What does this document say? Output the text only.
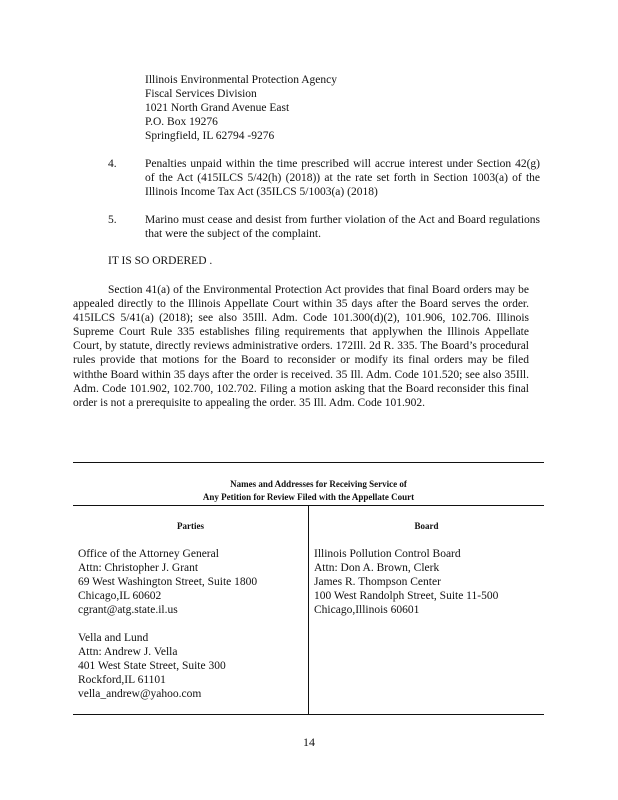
Illinois Environmental Protection Agency
Fiscal Services Division
1021 North Grand Avenue East
P.O. Box 19276
Springfield, IL 62794 -9276
4. Penalties unpaid within the time prescribed will accrue interest under Section 42(g) of the Act (415ILCS 5/42(h) (2018)) at the rate set forth in Section 1003(a) of the Illinois Income Tax Act (35ILCS 5/1003(a) (2018)
5. Marino must cease and desist from further violation of the Act and Board regulations that were the subject of the complaint.
IT IS SO ORDERED .
Section 41(a) of the Environmental Protection Act provides that final Board orders may be appealed directly to the Illinois Appellate Court within 35 days after the Board serves the order. 415ILCS 5/41(a) (2018); see also 35Ill. Adm. Code 101.300(d)(2), 101.906, 102.706. Illinois Supreme Court Rule 335 establishes filing requirements that applywhen the Illinois Appellate Court, by statute, directly reviews administrative orders. 172Ill. 2d R. 335. The Board’s procedural rules provide that motions for the Board to reconsider or modify its final orders may be filed withthe Board within 35 days after the order is received. 35 Ill. Adm. Code 101.520; see also 35Ill. Adm. Code 101.902, 102.700, 102.702. Filing a motion asking that the Board reconsider this final order is not a prerequisite to appealing the order. 35 Ill. Adm. Code 101.902.
Names and Addresses for Receiving Service of
Any Petition for Review Filed with the Appellate Court
Parties	Board
Office of the Attorney General
Attn: Christopher J. Grant
69 West Washington Street, Suite 1800
Chicago,IL 60602
cgrant@atg.state.il.us
Vella and Lund
Attn: Andrew J. Vella
401 West State Street, Suite 300
Rockford,IL 61101
vella_andrew@yahoo.com
Illinois Pollution Control Board
Attn: Don A. Brown, Clerk
James R. Thompson Center
100 West Randolph Street, Suite 11-500
Chicago,Illinois 60601
14
